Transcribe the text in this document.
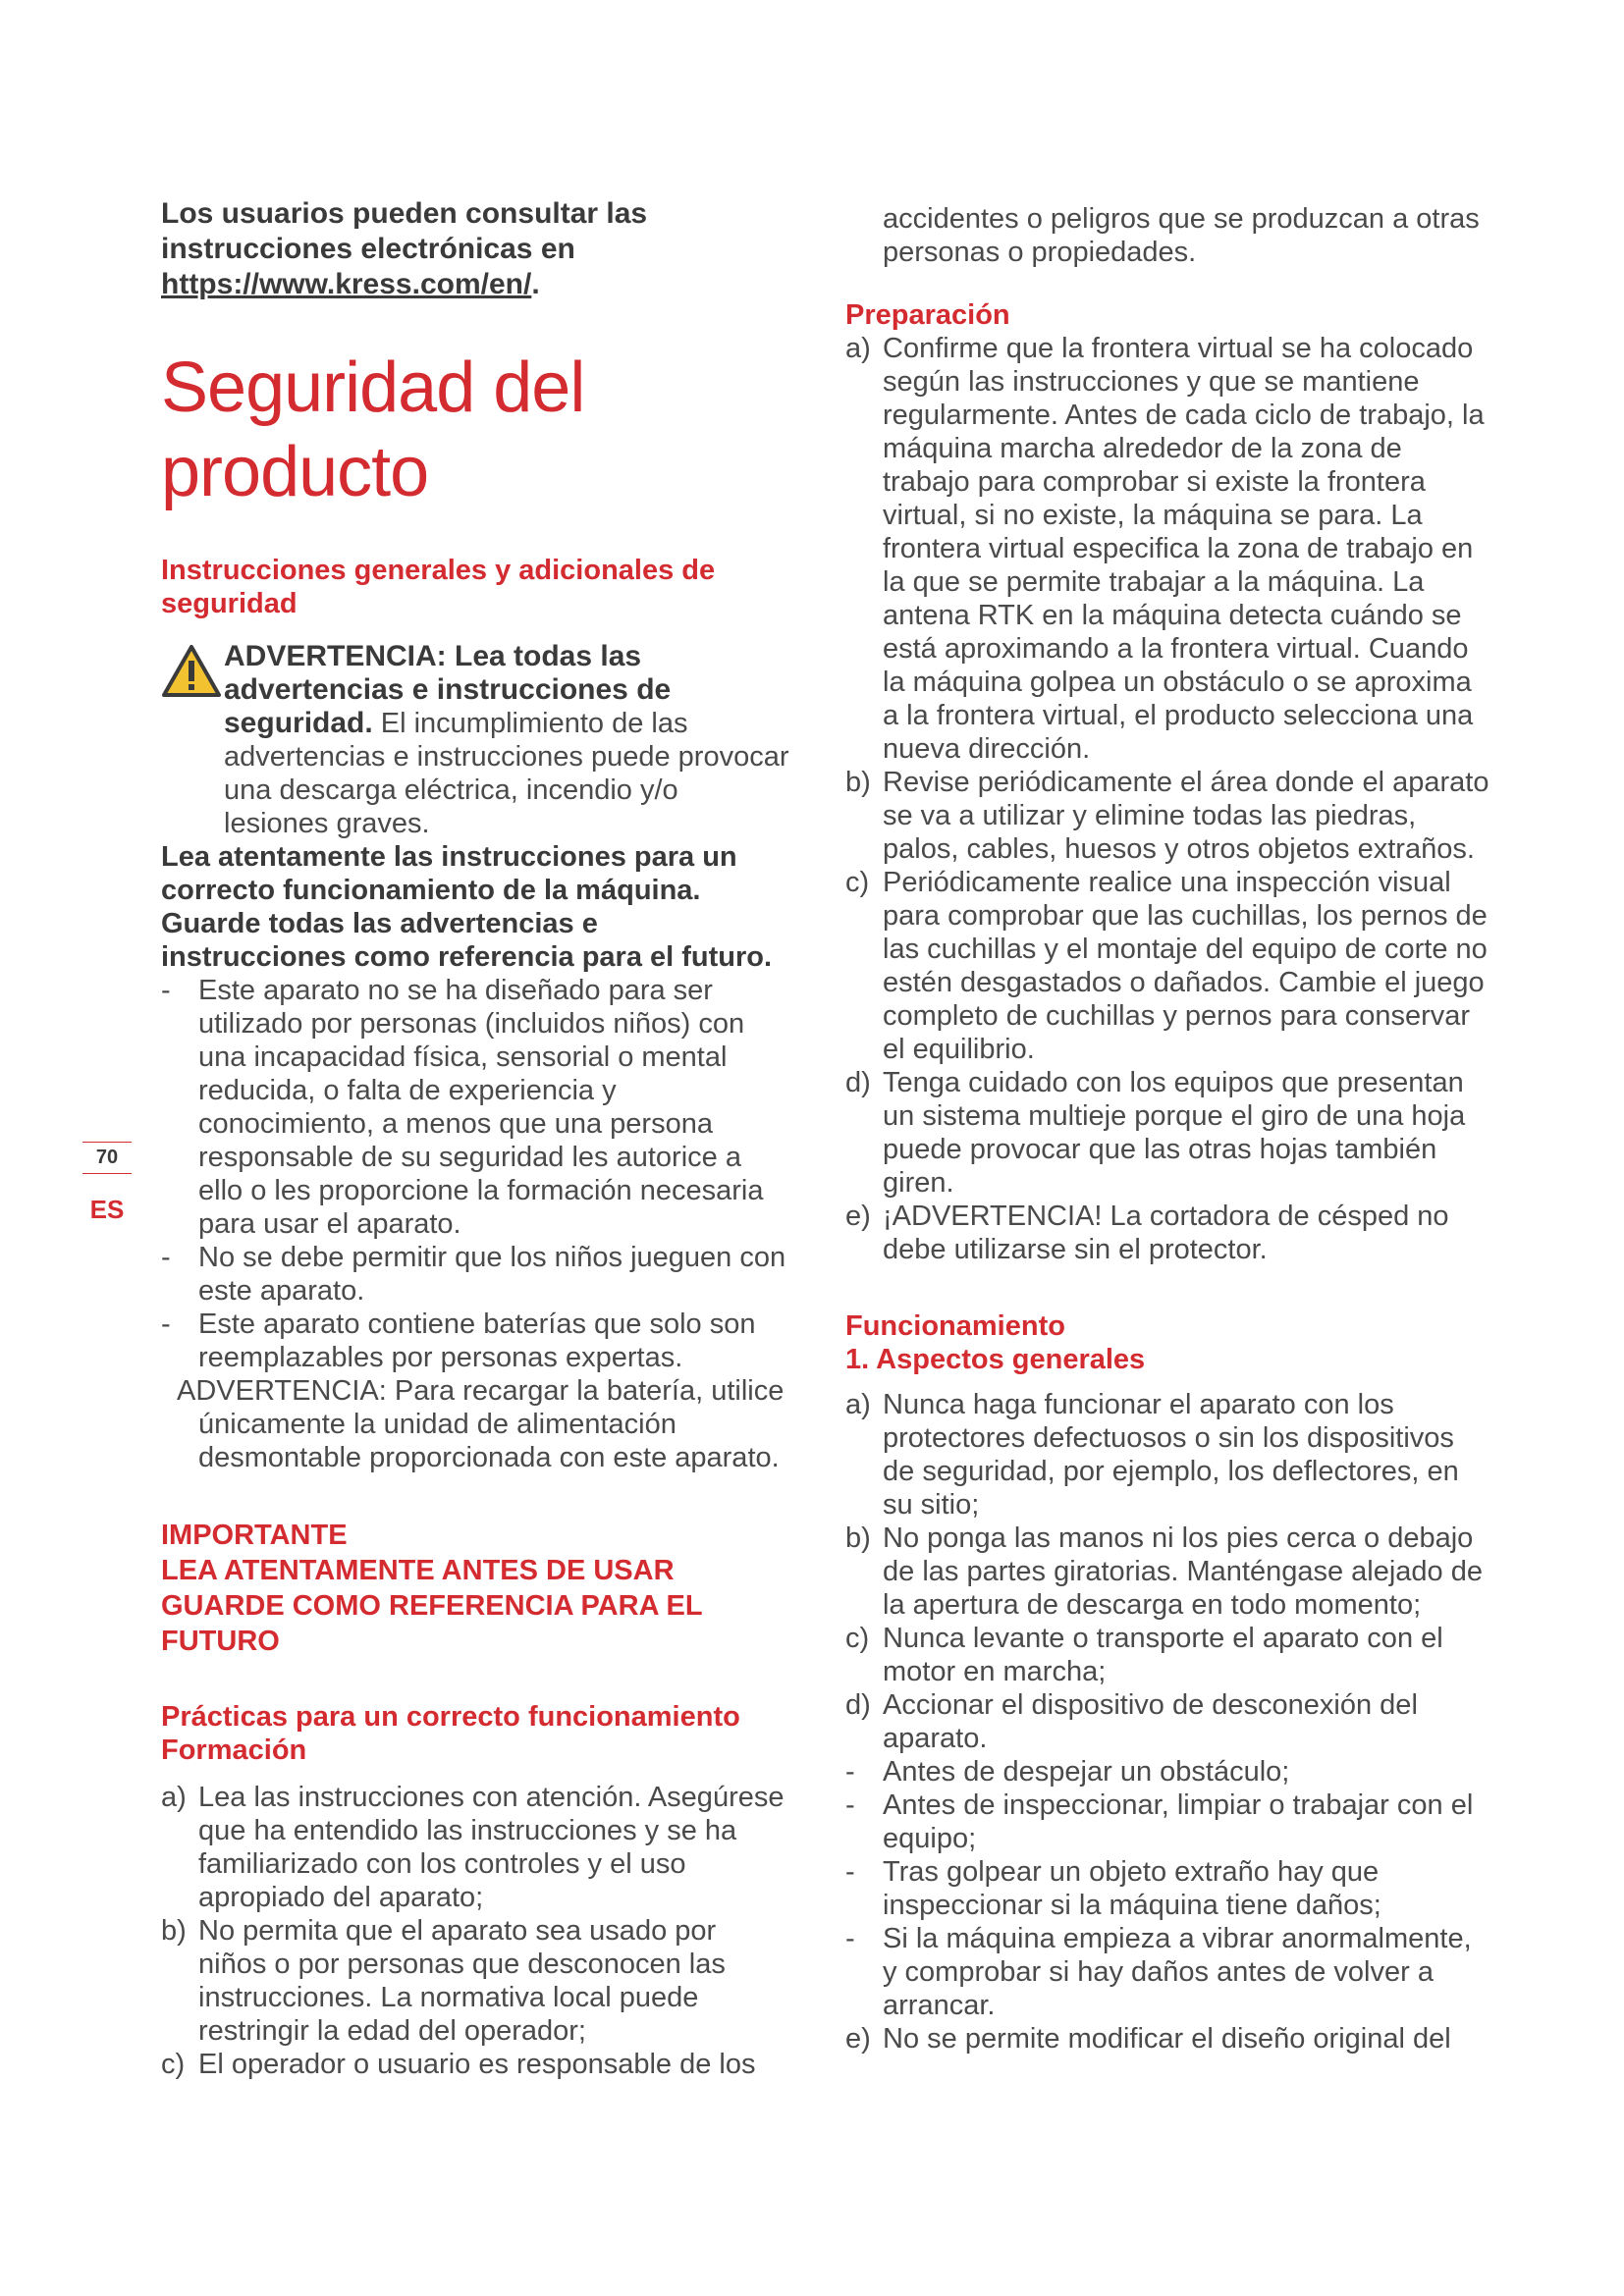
70
ES

Los usuarios pueden consultar las instrucciones electrónicas en https://www.kress.com/en/.

Seguridad del
producto
Instrucciones generales y adicionales de seguridad

ADVERTENCIA: Lea todas las advertencias e instrucciones de seguridad. El incumplimiento de las advertencias e instrucciones puede provocar una descarga eléctrica, incendio y/o lesiones graves.

Lea atentamente las instrucciones para un correcto funcionamiento de la máquina.

Guarde todas las advertencias e instrucciones como referencia para el futuro.

- Este aparato no se ha diseñado para ser utilizado por personas (incluidos niños) con una incapacidad física, sensorial o mental reducida, o falta de experiencia y conocimiento, a menos que una persona responsable de su seguridad les autorice a ello o les proporcione la formación necesaria para usar el aparato.
- No se debe permitir que los niños jueguen con este aparato.
- Este aparato contiene baterías que solo son reemplazables por personas expertas.
ADVERTENCIA: Para recargar la batería, utilice únicamente la unidad de alimentación desmontable proporcionada con este aparato.
IMPORTANTE
LEA ATENTAMENTE ANTES DE USAR
GUARDE COMO REFERENCIA PARA EL FUTURO
Prácticas para un correcto funcionamiento
Formación
a) Lea las instrucciones con atención. Asegúrese que ha entendido las instrucciones y se ha familiarizado con los controles y el uso apropiado del aparato;
b) No permita que el aparato sea usado por niños o por personas que desconocen las instrucciones. La normativa local puede restringir la edad del operador;
c) El operador o usuario es responsable de los

accidentes o peligros que se produzcan a otras personas o propiedades.

Preparación
a) Confirme que la frontera virtual se ha colocado según las instrucciones y que se mantiene regularmente. Antes de cada ciclo de trabajo, la máquina marcha alrededor de la zona de trabajo para comprobar si existe la frontera virtual, si no existe, la máquina se para. La frontera virtual especifica la zona de trabajo en la que se permite trabajar a la máquina. La antena RTK en la máquina detecta cuándo se está aproximando a la frontera virtual. Cuando la máquina golpea un obstáculo o se aproxima a la frontera virtual, el producto selecciona una nueva dirección.
b) Revise periódicamente el área donde el aparato se va a utilizar y elimine todas las piedras, palos, cables, huesos y otros objetos extraños.
c) Periódicamente realice una inspección visual para comprobar que las cuchillas, los pernos de las cuchillas y el montaje del equipo de corte no estén desgastados o dañados. Cambie el juego completo de cuchillas y pernos para conservar el equilibrio.
d) Tenga cuidado con los equipos que presentan un sistema multieje porque el giro de una hoja puede provocar que las otras hojas también giren.
e) ¡ADVERTENCIA! La cortadora de césped no debe utilizarse sin el protector.
Funcionamiento
1. Aspectos generales
a) Nunca haga funcionar el aparato con los protectores defectuosos o sin los dispositivos de seguridad, por ejemplo, los deflectores, en su sitio;
b) No ponga las manos ni los pies cerca o debajo de las partes giratorias. Manténgase alejado de la apertura de descarga en todo momento;
c) Nunca levante o transporte el aparato con el motor en marcha;
d) Accionar el dispositivo de desconexión del aparato.
- Antes de despejar un obstáculo;
- Antes de inspeccionar, limpiar o trabajar con el equipo;
- Tras golpear un objeto extraño hay que inspeccionar si la máquina tiene daños;
- Si la máquina empieza a vibrar anormalmente, y comprobar si hay daños antes de volver a arrancar.
e) No se permite modificar el diseño original del
